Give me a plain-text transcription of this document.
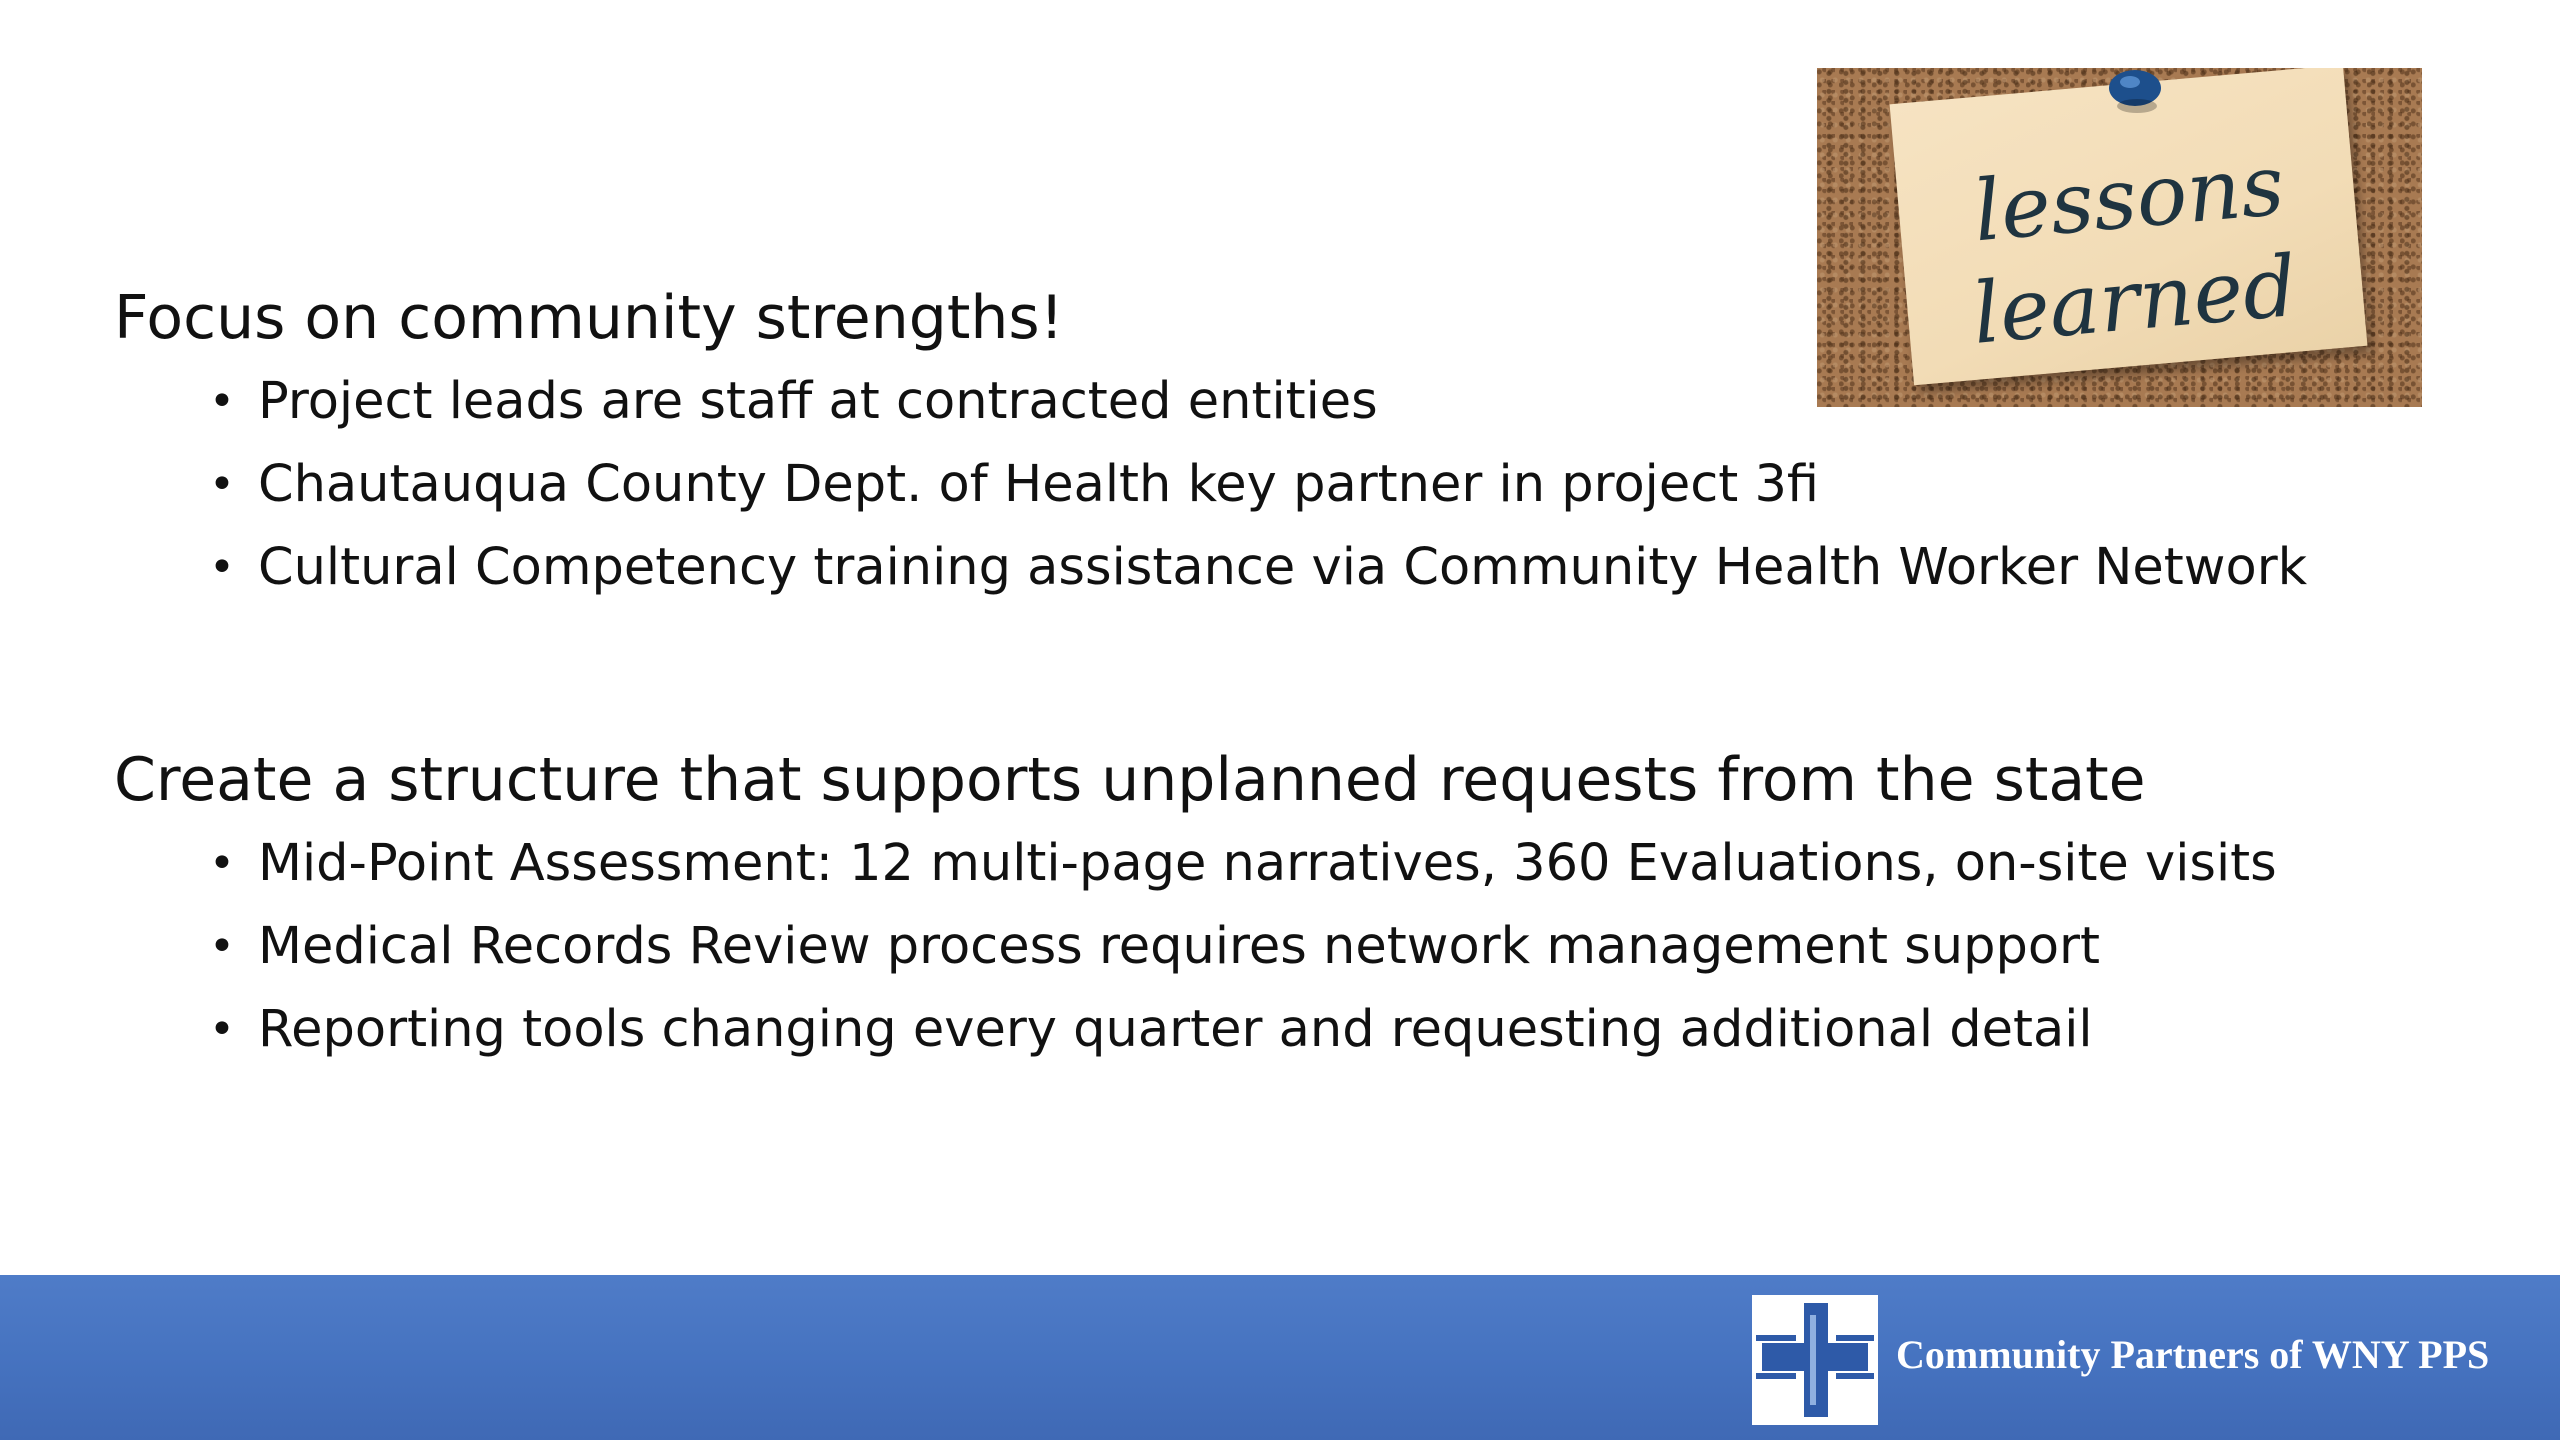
Focus on community strengths!
• Project leads are staff at contracted entities
• Chautauqua County Dept. of Health key partner in project 3fi
• Cultural Competency training assistance via Community Health Worker Network
Create a structure that supports unplanned requests from the state
• Mid-Point Assessment: 12 multi-page narratives, 360 Evaluations, on-site visits
• Medical Records Review process requires network management support
• Reporting tools changing every quarter and requesting additional detail
lessons
learned
Community Partners of WNY PPS
